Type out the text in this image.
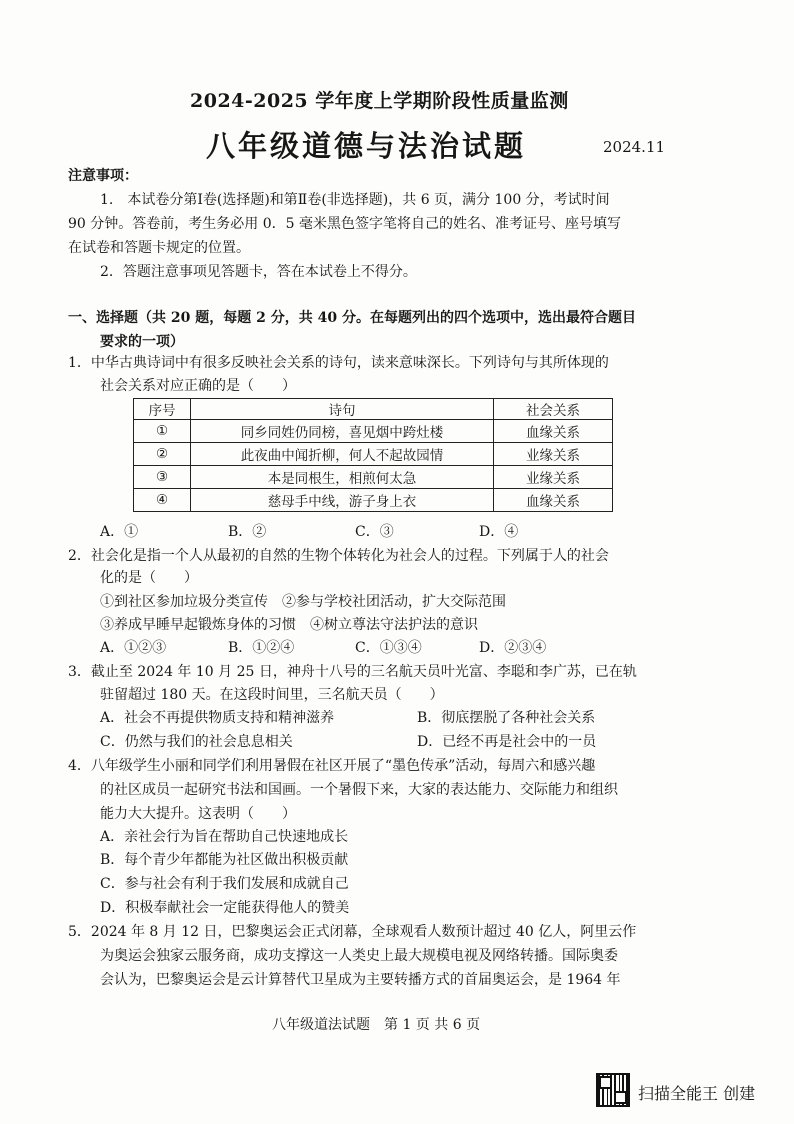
2024-2025 学年度上学期阶段性质量监测
八年级道德与法治试题	2024.11
注意事项：
1.　本试卷分第Ⅰ卷(选择题)和第Ⅱ卷(非选择题)，共 6 页，满分 100 分，考试时间
90 分钟。答卷前，考生务必用 0．5 毫米黑色签字笔将自己的姓名、准考证号、座号填写
在试卷和答题卡规定的位置。
2．答题注意事项见答题卡，答在本试卷上不得分。
一、选择题（共 20 题，每题 2 分，共 40 分。在每题列出的四个选项中，选出最符合题目
要求的一项）
1．中华古典诗词中有很多反映社会关系的诗句，读来意味深长。下列诗句与其所体现的
社会关系对应正确的是（　　）
序号	诗句	社会关系
①	同乡同姓仍同榜，喜见烟中跨灶楼	血缘关系
②	此夜曲中闻折柳，何人不起故园情	业缘关系
③	本是同根生，相煎何太急	业缘关系
④	慈母手中线，游子身上衣	血缘关系
A．①	B．②	C．③	D．④
2．社会化是指一个人从最初的自然的生物个体转化为社会人的过程。下列属于人的社会
化的是（　　）
①到社区参加垃圾分类宣传　②参与学校社团活动，扩大交际范围
③养成早睡早起锻炼身体的习惯　④树立尊法守法护法的意识
A．①②③	B．①②④	C．①③④	D．②③④
3．截止至 2024 年 10 月 25 日，神舟十八号的三名航天员叶光富、李聪和李广苏，已在轨
驻留超过 180 天。在这段时间里，三名航天员（　　）
A．社会不再提供物质支持和精神滋养	B．彻底摆脱了各种社会关系
C．仍然与我们的社会息息相关	D．已经不再是社会中的一员
4．八年级学生小丽和同学们利用暑假在社区开展了“墨色传承”活动，每周六和感兴趣
的社区成员一起研究书法和国画。一个暑假下来，大家的表达能力、交际能力和组织
能力大大提升。这表明（　　）
A．亲社会行为旨在帮助自己快速地成长
B．每个青少年都能为社区做出积极贡献
C．参与社会有利于我们发展和成就自己
D．积极奉献社会一定能获得他人的赞美
5．2024 年 8 月 12 日，巴黎奥运会正式闭幕，全球观看人数预计超过 40 亿人，阿里云作
为奥运会独家云服务商，成功支撑这一人类史上最大规模电视及网络转播。国际奥委
会认为，巴黎奥运会是云计算替代卫星成为主要转播方式的首届奥运会，是 1964 年
八年级道法试题　第 1 页 共 6 页
扫描全能王 创建
